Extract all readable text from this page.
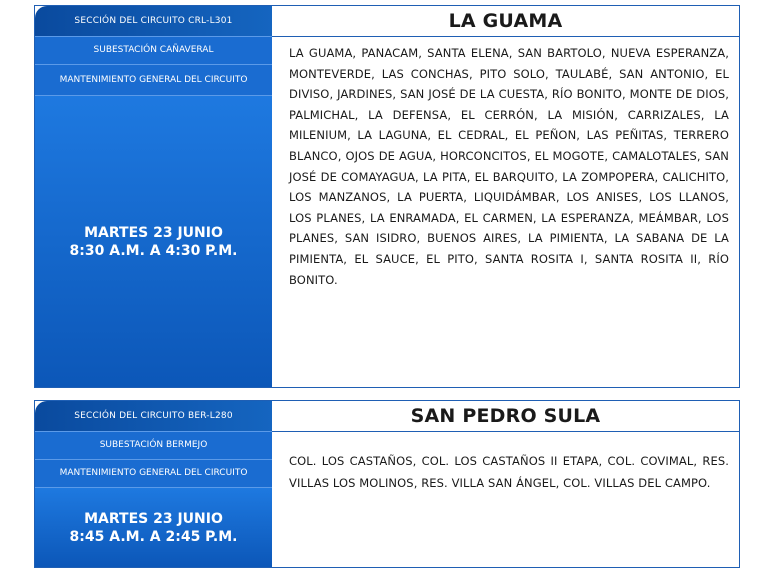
SECCIÓN DEL CIRCUITO CRL-L301
SUBESTACIÓN CAÑAVERAL
MANTENIMIENTO GENERAL DEL CIRCUITO
MARTES 23 JUNIO
8:30 A.M. A 4:30 P.M.
LA GUAMA
LA GUAMA, PANACAM, SANTA ELENA, SAN BARTOLO, NUEVA ESPERANZA, MONTEVERDE, LAS CONCHAS, PITO SOLO, TAULABÉ, SAN ANTONIO, EL DIVISO, JARDINES, SAN JOSÉ DE LA CUESTA, RÍO BONITO, MONTE DE DIOS, PALMICHAL, LA DEFENSA, EL CERRÓN, LA MISIÓN, CARRIZALES, LA MILENIUM, LA LAGUNA, EL CEDRAL, EL PEÑON, LAS PEÑITAS, TERRERO BLANCO, OJOS DE AGUA, HORCONCITOS, EL MOGOTE, CAMALOTALES, SAN JOSÉ DE COMAYAGUA, LA PITA, EL BARQUITO, LA ZOMPOPERA, CALICHITO, LOS MANZANOS, LA PUERTA, LIQUIDÁMBAR, LOS ANISES, LOS LLANOS, LOS PLANES, LA ENRAMADA, EL CARMEN, LA ESPERANZA, MEÁMBAR, LOS PLANES, SAN ISIDRO, BUENOS AIRES, LA PIMIENTA, LA SABANA DE LA PIMIENTA, EL SAUCE, EL PITO, SANTA ROSITA I, SANTA ROSITA II, RÍO BONITO.
SECCIÓN DEL CIRCUITO BER-L280
SUBESTACIÓN BERMEJO
MANTENIMIENTO GENERAL DEL CIRCUITO
MARTES 23 JUNIO
8:45 A.M. A 2:45 P.M.
SAN PEDRO SULA
COL. LOS CASTAÑOS, COL. LOS CASTAÑOS II ETAPA, COL. COVIMAL, RES. VILLAS LOS MOLINOS, RES. VILLA SAN ÁNGEL, COL. VILLAS DEL CAMPO.
